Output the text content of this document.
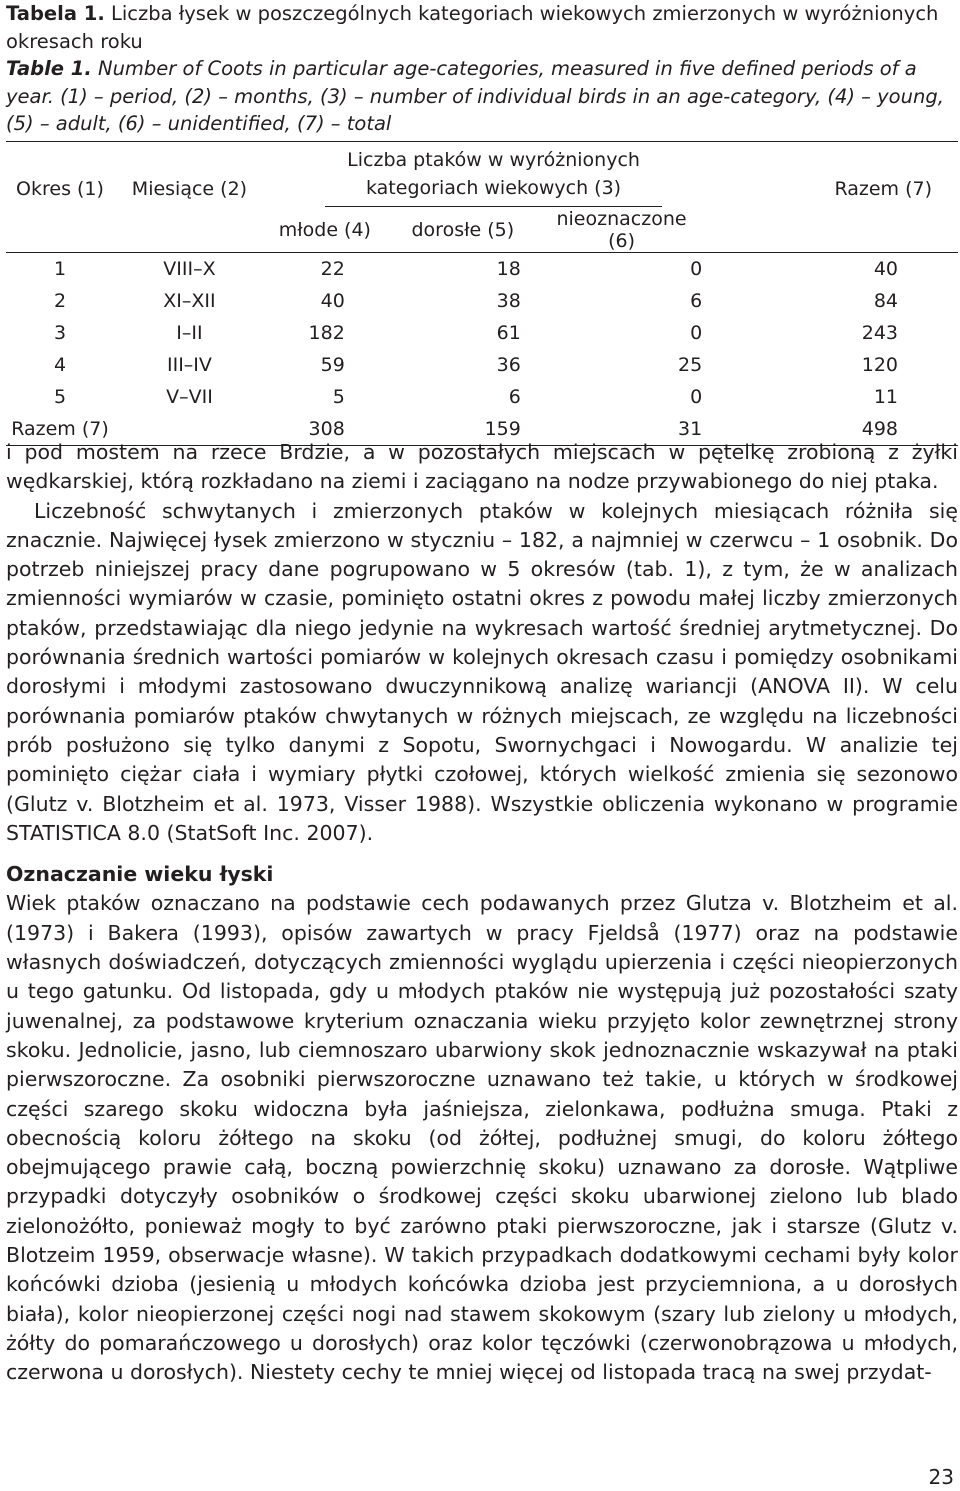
Tabela 1. Liczba łysek w poszczególnych kategoriach wiekowych zmierzonych w wyróżnionych okresach roku

Table 1. Number of Coots in particular age-categories, measured in five defined periods of a year. (1) – period, (2) – months, (3) – number of individual birds in an age-category, (4) – young, (5) – adult, (6) – unidentified, (7) – total

Okres (1)	Miesiące (2)	Liczba ptaków w wyróżnionych kategoriach wiekowych (3)			Razem (7)
		młode (4)	dorosłe (5)	nieoznaczone (6)	
1	VIII–X	22	18	0	40
2	XI–XII	40	38	6	84
3	I–II	182	61	0	243
4	III–IV	59	36	25	120
5	V–VII	5	6	0	11
Razem (7)		308	159	31	498

i pod mostem na rzece Brdzie, a w pozostałych miejscach w pętelkę zrobioną z żyłki wędkarskiej, którą rozkładano na ziemi i zaciągano na nodze przywabionego do niej ptaka.

Liczebność schwytanych i zmierzonych ptaków w kolejnych miesiącach różniła się znacznie. Najwięcej łysek zmierzono w styczniu – 182, a najmniej w czerwcu – 1 osobnik. Do potrzeb niniejszej pracy dane pogrupowano w 5 okresów (tab. 1), z tym, że w analizach zmienności wymiarów w czasie, pominięto ostatni okres z powodu małej liczby zmierzonych ptaków, przedstawiając dla niego jedynie na wykresach wartość średniej arytmetycznej. Do porównania średnich wartości pomiarów w kolejnych okresach czasu i pomiędzy osobnikami dorosłymi i młodymi zastosowano dwuczynnikową analizę wariancji (ANOVA II). W celu porównania pomiarów ptaków chwytanych w różnych miejscach, ze względu na liczebności prób posłużono się tylko danymi z Sopotu, Swornychgaci i Nowogardu. W analizie tej pominięto ciężar ciała i wymiary płytki czołowej, których wielkość zmienia się sezonowo (Glutz v. Blotzheim et al. 1973, Visser 1988). Wszystkie obliczenia wykonano w programie STATISTICA 8.0 (StatSoft Inc. 2007).

Oznaczanie wieku łyski

Wiek ptaków oznaczano na podstawie cech podawanych przez Glutza v. Blotzheim et al. (1973) i Bakera (1993), opisów zawartych w pracy Fjeldså (1977) oraz na podstawie własnych doświadczeń, dotyczących zmienności wyglądu upierzenia i części nieopierzonych u tego gatunku. Od listopada, gdy u młodych ptaków nie występują już pozostałości szaty juwenalnej, za podstawowe kryterium oznaczania wieku przyjęto kolor zewnętrznej strony skoku. Jednolicie, jasno, lub ciemnoszaro ubarwiony skok jednoznacznie wskazywał na ptaki pierwszoroczne. Za osobniki pierwszoroczne uznawano też takie, u których w środkowej części szarego skoku widoczna była jaśniejsza, zielonkawa, podłużna smuga. Ptaki z obecnością koloru żółtego na skoku (od żółtej, podłużnej smugi, do koloru żółtego obejmującego prawie całą, boczną powierzchnię skoku) uznawano za dorosłe. Wątpliwe przypadki dotyczyły osobników o środkowej części skoku ubarwionej zielono lub blado zielonożółto, ponieważ mogły to być zarówno ptaki pierwszoroczne, jak i starsze (Glutz v. Blotzeim 1959, obserwacje własne). W takich przypadkach dodatkowymi cechami były kolor końcówki dzioba (jesienią u młodych końcówka dzioba jest przyciemniona, a u dorosłych biała), kolor nieopierzonej części nogi nad stawem skokowym (szary lub zielony u młodych, żółty do pomarańczowego u dorosłych) oraz kolor tęczówki (czerwonobrązowa u młodych, czerwona u dorosłych). Niestety cechy te mniej więcej od listopada tracą na swej przydat-

23
